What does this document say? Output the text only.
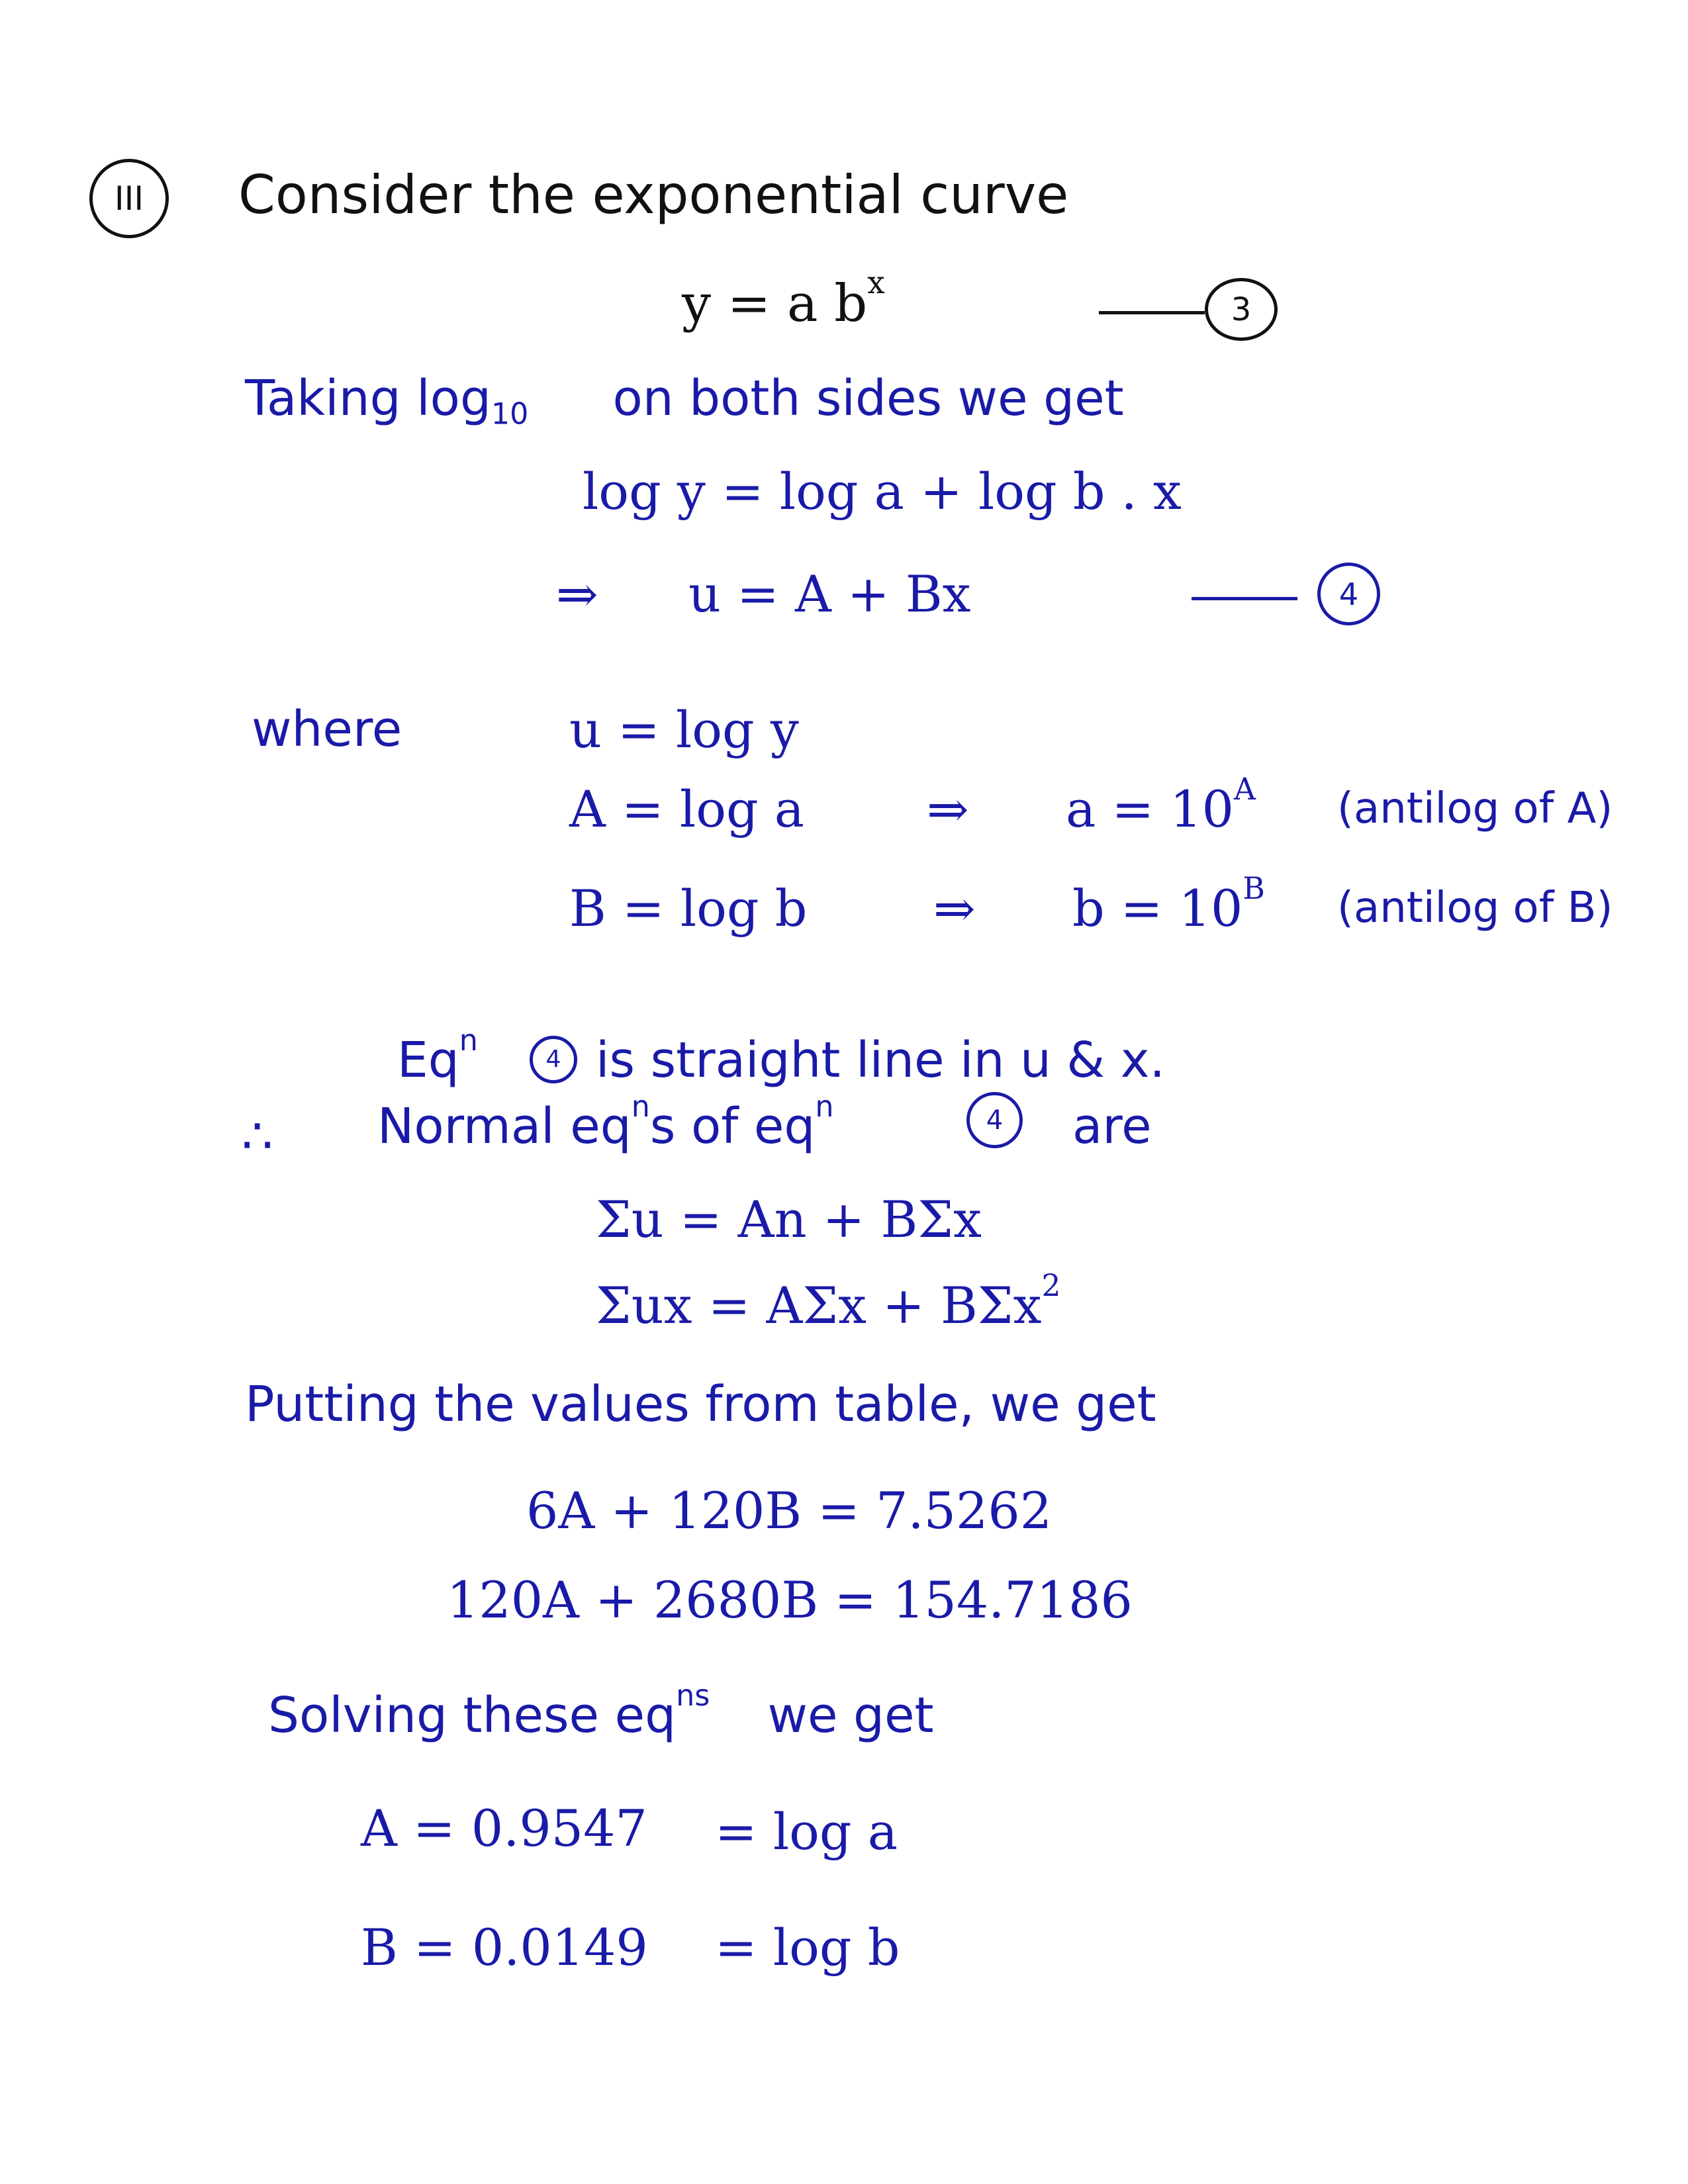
III Consider the exponential curve
y = a $b^x$
3
Taking $\log_{10}$ on both sides we get
log y = log a + log b . x
⇒ u = A + Bx	4
where	u = log y
A = log a ⇒ $a = 10^A$ (antilog of A)
B = log b	⇒ $b = 10^B$ (antilog of B)
Eq$^n$
4 is straight line in u & x.
∴ Normal $eq^ns$ of $eq^n$	4 are
Σu = An + BΣx
Σux = AΣx + BΣx$^2$
Putting the values from table, we get
6A + 120B = 7.5262
120A + 2680B = 154.7186
Solving these $eq^{ns}$ we get
A = 0.9547 = log a
B = 0.0149 = log b
